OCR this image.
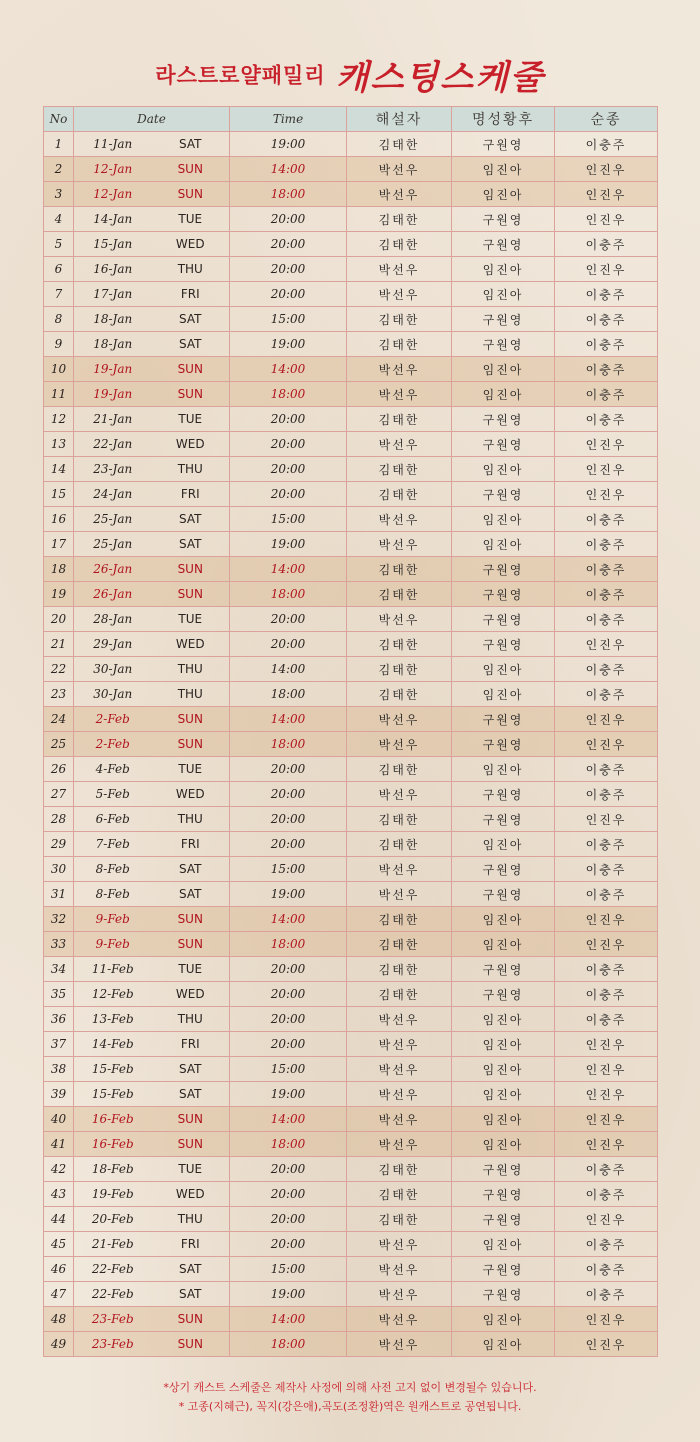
라스트로얄패밀리 캐스팅스케줄
No	Date		Time	해설자	명성황후	순종
1	11-Jan	SAT	19:00	김태한	구원영	이충주
2	12-Jan	SUN	14:00	박선우	임진아	인진우
3	12-Jan	SUN	18:00	박선우	임진아	인진우
4	14-Jan	TUE	20:00	김태한	구원영	인진우
5	15-Jan	WED	20:00	김태한	구원영	이충주
6	16-Jan	THU	20:00	박선우	임진아	인진우
7	17-Jan	FRI	20:00	박선우	임진아	이충주
8	18-Jan	SAT	15:00	김태한	구원영	이충주
9	18-Jan	SAT	19:00	김태한	구원영	이충주
10	19-Jan	SUN	14:00	박선우	임진아	이충주
11	19-Jan	SUN	18:00	박선우	임진아	이충주
12	21-Jan	TUE	20:00	김태한	구원영	이충주
13	22-Jan	WED	20:00	박선우	구원영	인진우
14	23-Jan	THU	20:00	김태한	임진아	인진우
15	24-Jan	FRI	20:00	김태한	구원영	인진우
16	25-Jan	SAT	15:00	박선우	임진아	이충주
17	25-Jan	SAT	19:00	박선우	임진아	이충주
18	26-Jan	SUN	14:00	김태한	구원영	이충주
19	26-Jan	SUN	18:00	김태한	구원영	이충주
20	28-Jan	TUE	20:00	박선우	구원영	이충주
21	29-Jan	WED	20:00	김태한	구원영	인진우
22	30-Jan	THU	14:00	김태한	임진아	이충주
23	30-Jan	THU	18:00	김태한	임진아	이충주
24	2-Feb	SUN	14:00	박선우	구원영	인진우
25	2-Feb	SUN	18:00	박선우	구원영	인진우
26	4-Feb	TUE	20:00	김태한	임진아	이충주
27	5-Feb	WED	20:00	박선우	구원영	이충주
28	6-Feb	THU	20:00	김태한	구원영	인진우
29	7-Feb	FRI	20:00	김태한	임진아	이충주
30	8-Feb	SAT	15:00	박선우	구원영	이충주
31	8-Feb	SAT	19:00	박선우	구원영	이충주
32	9-Feb	SUN	14:00	김태한	임진아	인진우
33	9-Feb	SUN	18:00	김태한	임진아	인진우
34	11-Feb	TUE	20:00	김태한	구원영	이충주
35	12-Feb	WED	20:00	김태한	구원영	이충주
36	13-Feb	THU	20:00	박선우	임진아	이충주
37	14-Feb	FRI	20:00	박선우	임진아	인진우
38	15-Feb	SAT	15:00	박선우	임진아	인진우
39	15-Feb	SAT	19:00	박선우	임진아	인진우
40	16-Feb	SUN	14:00	박선우	임진아	인진우
41	16-Feb	SUN	18:00	박선우	임진아	인진우
42	18-Feb	TUE	20:00	김태한	구원영	이충주
43	19-Feb	WED	20:00	김태한	구원영	이충주
44	20-Feb	THU	20:00	김태한	구원영	인진우
45	21-Feb	FRI	20:00	박선우	임진아	이충주
46	22-Feb	SAT	15:00	박선우	구원영	이충주
47	22-Feb	SAT	19:00	박선우	구원영	이충주
48	23-Feb	SUN	14:00	박선우	임진아	인진우
49	23-Feb	SUN	18:00	박선우	임진아	인진우
*상기 캐스트 스케줄은 제작사 사정에 의해 사전 고지 없이 변경될수 있습니다.
* 고종(지혜근), 꼭지(강은애),곡도(조정환)역은 원캐스트로 공연됩니다.
